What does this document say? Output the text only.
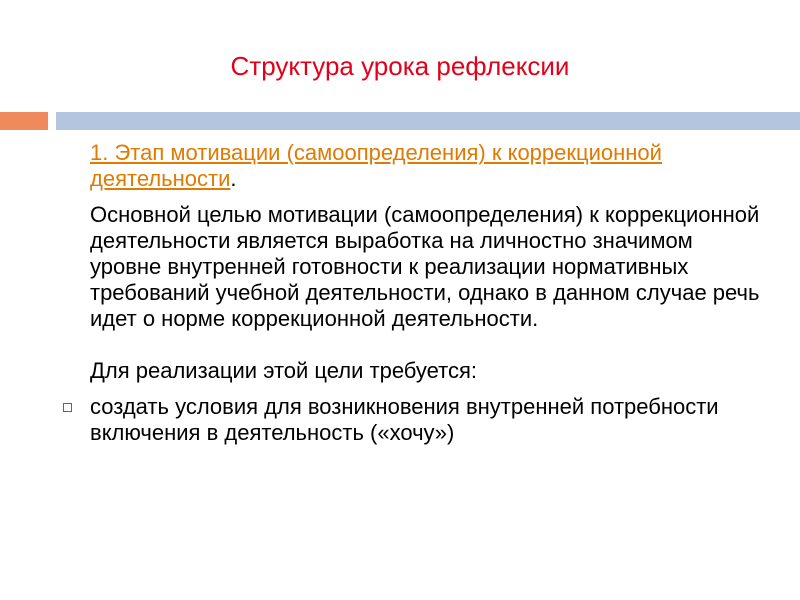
Структура урока рефлексии

1. Этап мотивации (самоопределения) к коррекционной деятельности.

Основной целью мотивации (самоопределения) к коррекционной деятельности является выработка на личностно значимом уровне внутренней готовности к реализации нормативных требований учебной деятельности, однако в данном случае речь идет о норме коррекционной деятельности.

Для реализации этой цели требуется:

создать условия для возникновения внутренней потребности включения в деятельность («хочу»)
